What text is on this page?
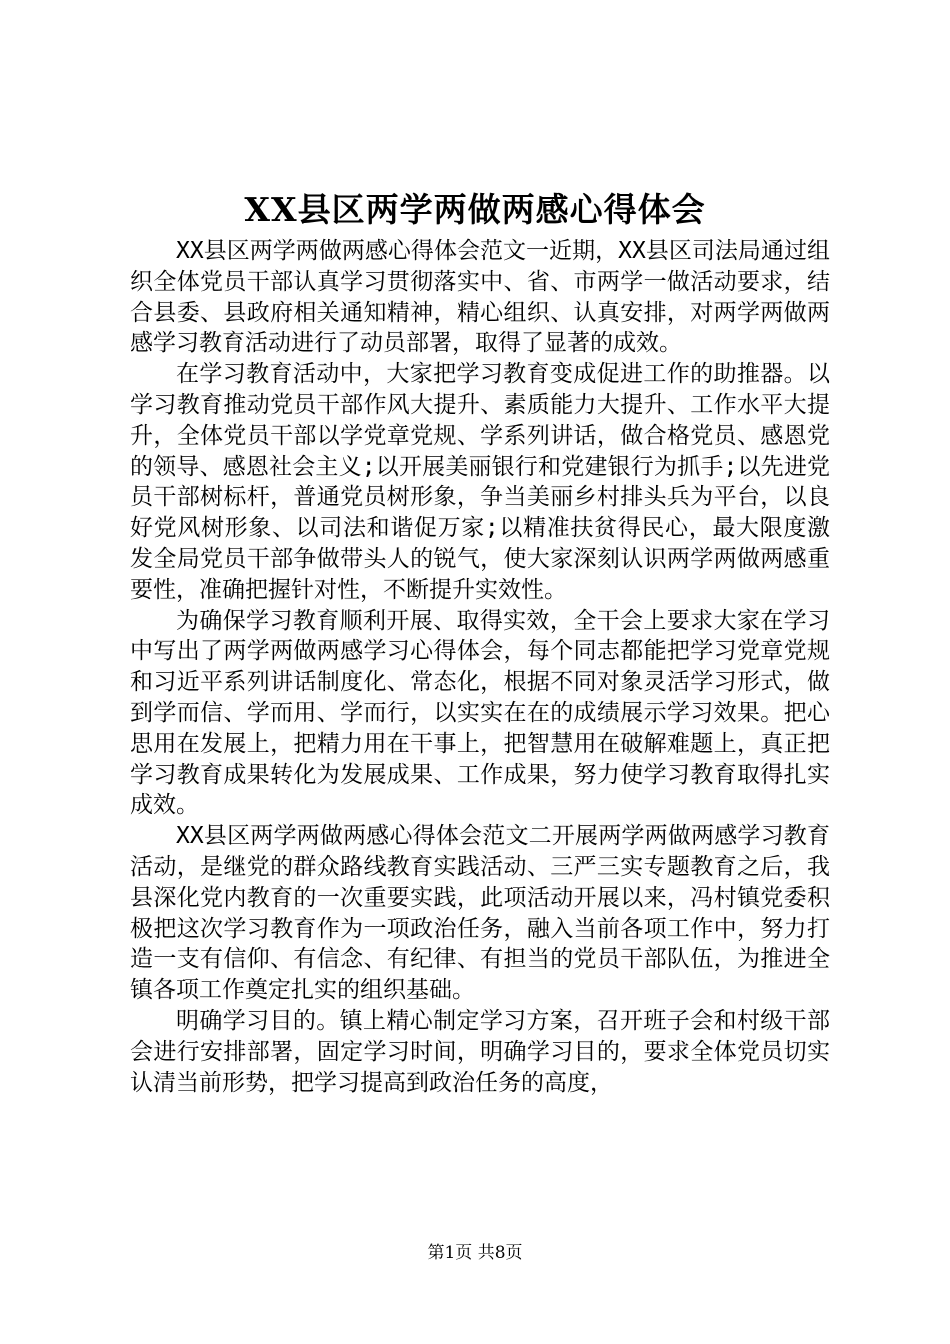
XX县区两学两做两感心得体会

XX县区两学两做两感心得体会范文一近期，XX县区司法局通过组织全体党员干部认真学习贯彻落实中、省、市两学一做活动要求，结合县委、县政府相关通知精神，精心组织、认真安排，对两学两做两感学习教育活动进行了动员部署，取得了显著的成效。

在学习教育活动中，大家把学习教育变成促进工作的助推器。以学习教育推动党员干部作风大提升、素质能力大提升、工作水平大提升，全体党员干部以学党章党规、学系列讲话，做合格党员、感恩党的领导、感恩社会主义;以开展美丽银行和党建银行为抓手;以先进党员干部树标杆，普通党员树形象，争当美丽乡村排头兵为平台，以良好党风树形象、以司法和谐促万家;以精准扶贫得民心，最大限度激发全局党员干部争做带头人的锐气，使大家深刻认识两学两做两感重要性，准确把握针对性，不断提升实效性。

为确保学习教育顺利开展、取得实效，全干会上要求大家在学习中写出了两学两做两感学习心得体会，每个同志都能把学习党章党规和习近平系列讲话制度化、常态化，根据不同对象灵活学习形式，做到学而信、学而用、学而行，以实实在在的成绩展示学习效果。把心思用在发展上，把精力用在干事上，把智慧用在破解难题上，真正把学习教育成果转化为发展成果、工作成果，努力使学习教育取得扎实成效。

XX县区两学两做两感心得体会范文二开展两学两做两感学习教育活动，是继党的群众路线教育实践活动、三严三实专题教育之后，我县深化党内教育的一次重要实践，此项活动开展以来，冯村镇党委积极把这次学习教育作为一项政治任务，融入当前各项工作中，努力打造一支有信仰、有信念、有纪律、有担当的党员干部队伍，为推进全镇各项工作奠定扎实的组织基础。

明确学习目的。镇上精心制定学习方案，召开班子会和村级干部会进行安排部署，固定学习时间，明确学习目的，要求全体党员切实认清当前形势，把学习提高到政治任务的高度，

第1页 共8页
